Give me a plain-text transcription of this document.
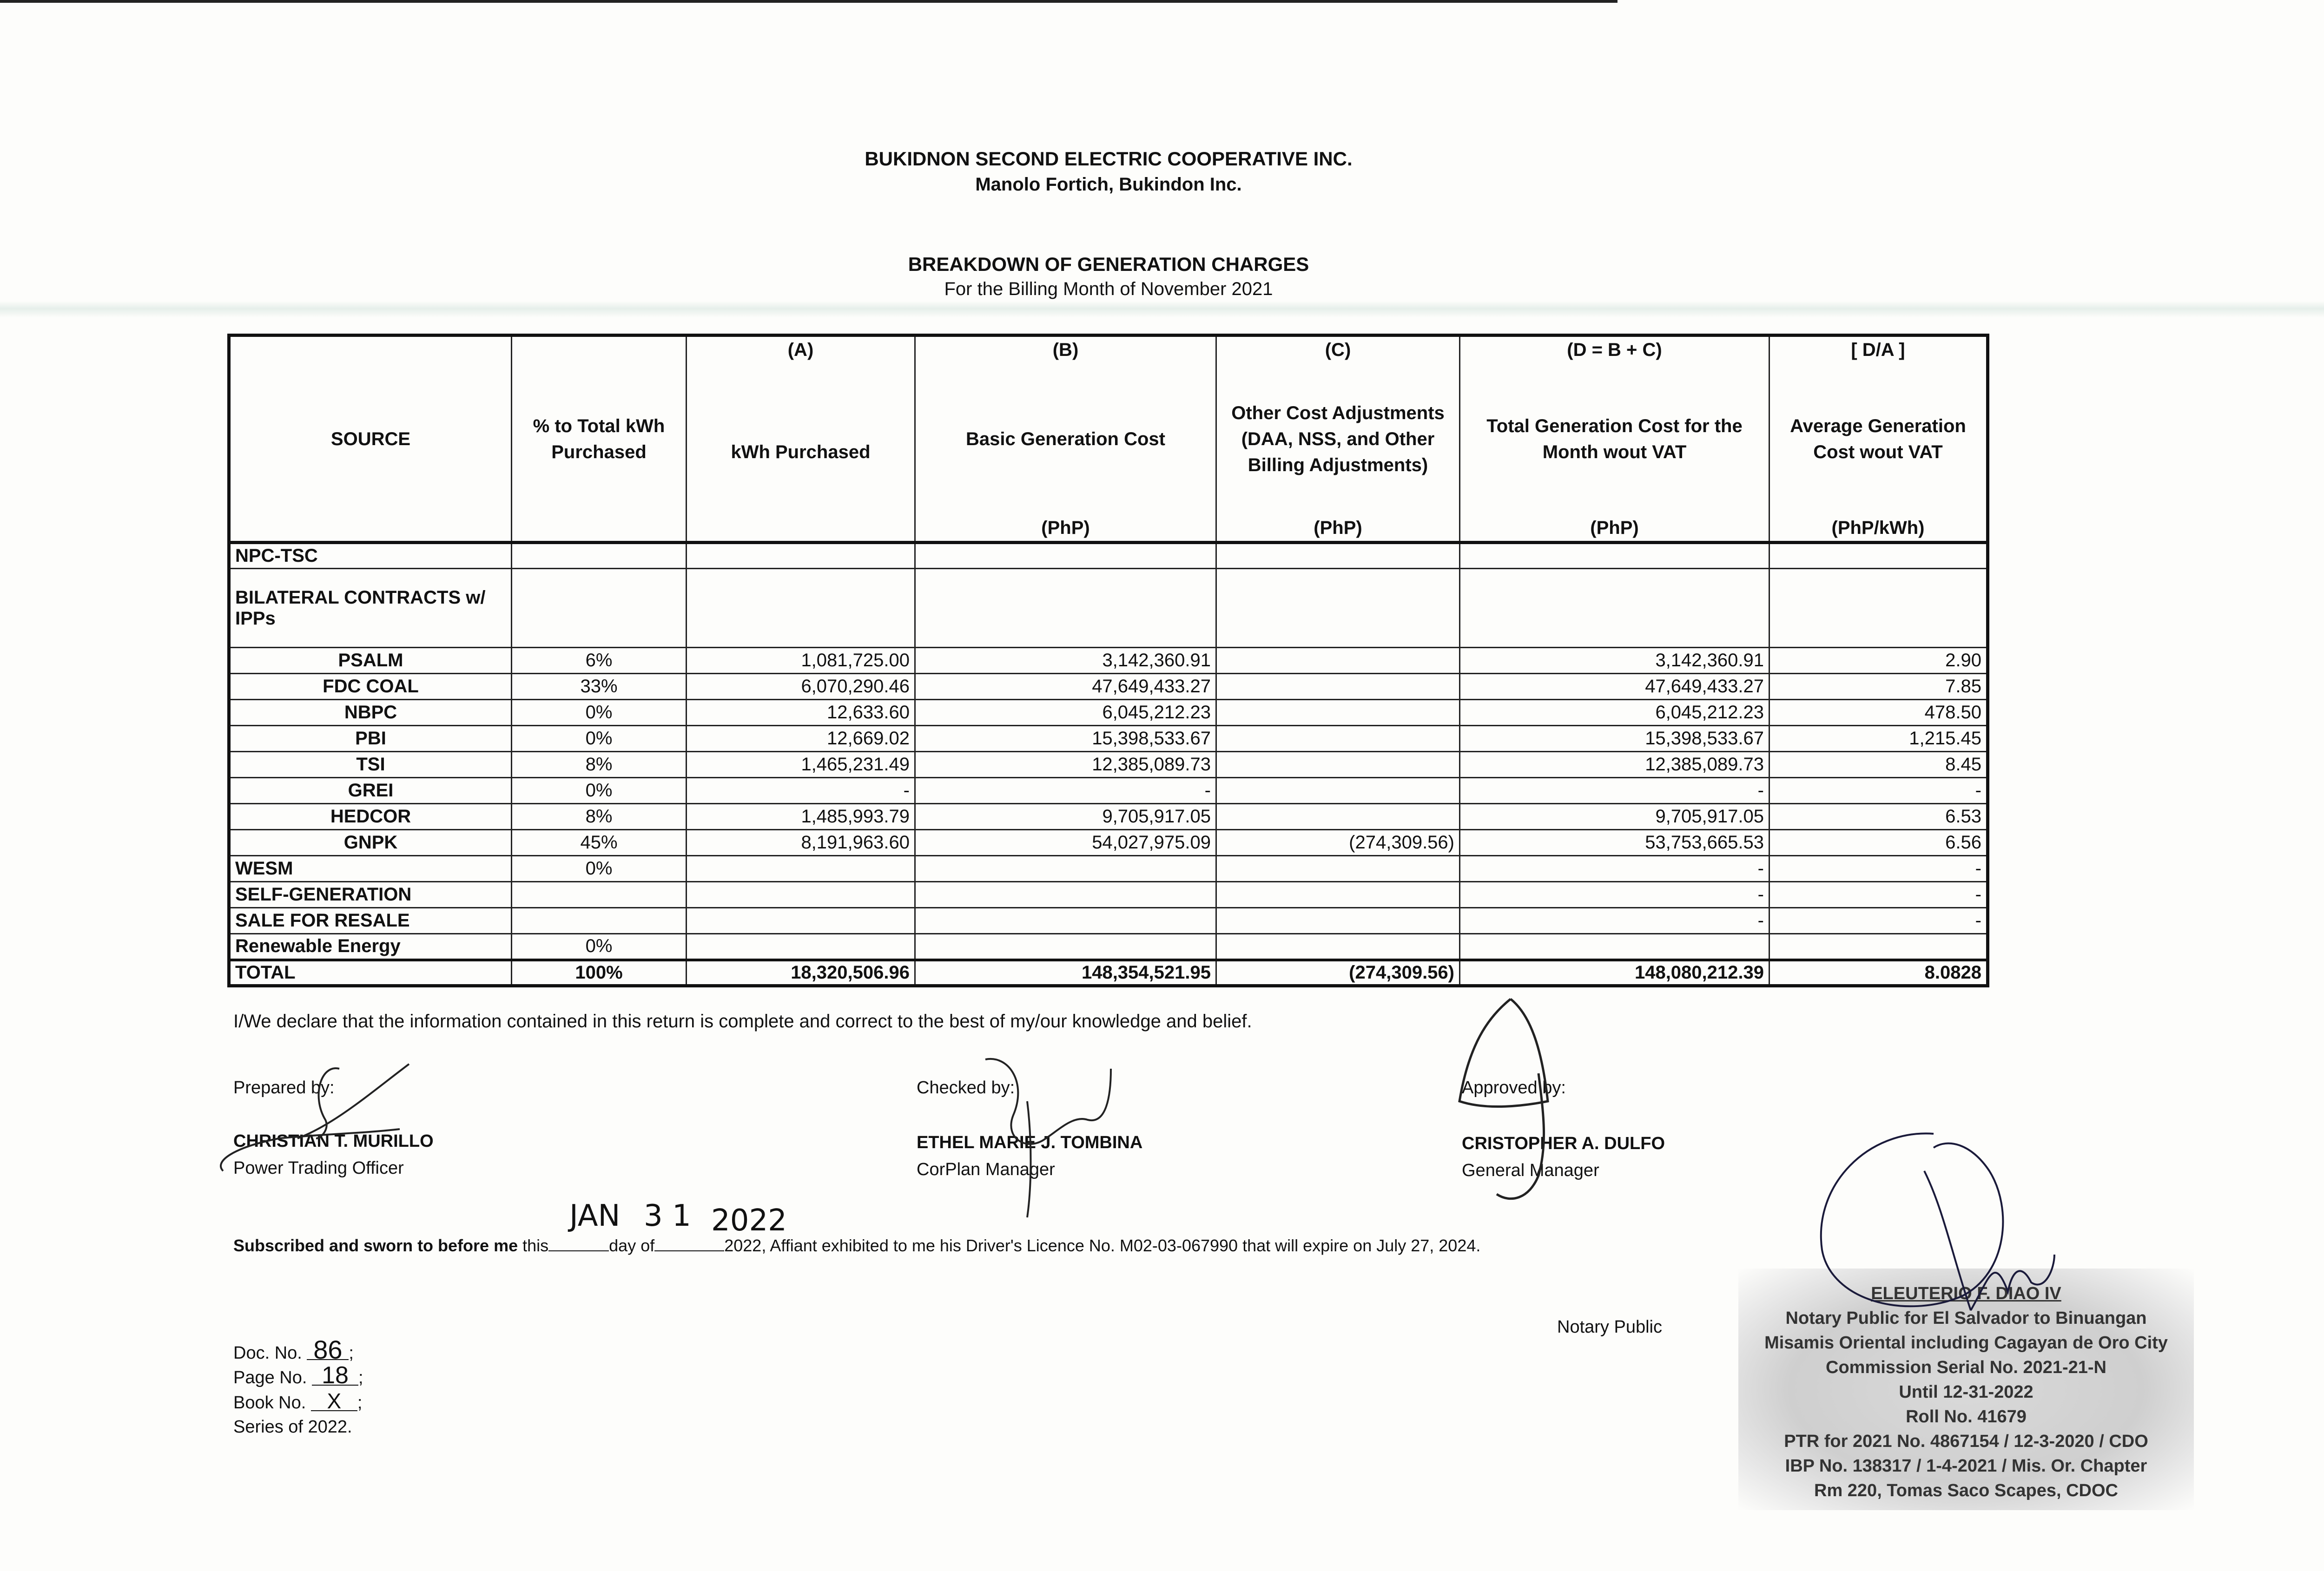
BUKIDNON SECOND ELECTRIC COOPERATIVE INC.
Manolo Fortich, Bukindon Inc.
BREAKDOWN OF GENERATION CHARGES
For the Billing Month of November 2021
		(A)	(B)	(C)	(D = B + C)	[ D/A ]
SOURCE	% to Total kWh Purchased	kWh Purchased	Basic Generation Cost	Other Cost Adjustments (DAA, NSS, and Other Billing Adjustments)	Total Generation Cost for the Month wout VAT	Average Generation Cost wout VAT
			(PhP)	(PhP)	(PhP)	(PhP/kWh)
NPC-TSC						
BILATERAL CONTRACTS w/ IPPs						
PSALM	6%	1,081,725.00	3,142,360.91		3,142,360.91	2.90
FDC COAL	33%	6,070,290.46	47,649,433.27		47,649,433.27	7.85
NBPC	0%	12,633.60	6,045,212.23		6,045,212.23	478.50
PBI	0%	12,669.02	15,398,533.67		15,398,533.67	1,215.45
TSI	8%	1,465,231.49	12,385,089.73		12,385,089.73	8.45
GREI	0%	-	-		-	-
HEDCOR	8%	1,485,993.79	9,705,917.05		9,705,917.05	6.53
GNPK	45%	8,191,963.60	54,027,975.09	(274,309.56)	53,753,665.53	6.56
WESM	0%				-	-
SELF-GENERATION					-	-
SALE FOR RESALE					-	-
Renewable Energy	0%					
TOTAL	100%	18,320,506.96	148,354,521.95	(274,309.56)	148,080,212.39	8.0828
I/We declare that the information contained in this return is complete and correct to the best of my/our knowledge and belief.
Prepared by:
CHRISTIAN T. MURILLO
Power Trading Officer
Checked by:
ETHEL MARIE J. TOMBINA
CorPlan Manager
Approved by:
CRISTOPHER A. DULFO
General Manager
Subscribed and sworn to before me this	day of	2022, Affiant exhibited to me his Driver's Licence No. M02-03-067990 that will expire on July 27, 2024.
JAN 3 1 2022
Notary Public
Doc. No. 86 ;
Page No. 18 ;
Book No. X ;
Series of 2022.
ELEUTERIO F. DIAO IV
Notary Public for El Salvador to Binuangan
Misamis Oriental including Cagayan de Oro City
Commission Serial No. 2021-21-N
Until 12-31-2022
Roll No. 41679
PTR for 2021 No. 4867154 / 12-3-2020 / CDO
IBP No. 138317 / 1-4-2021 / Mis. Or. Chapter
Rm 220, Tomas Saco Scapes, CDOC
